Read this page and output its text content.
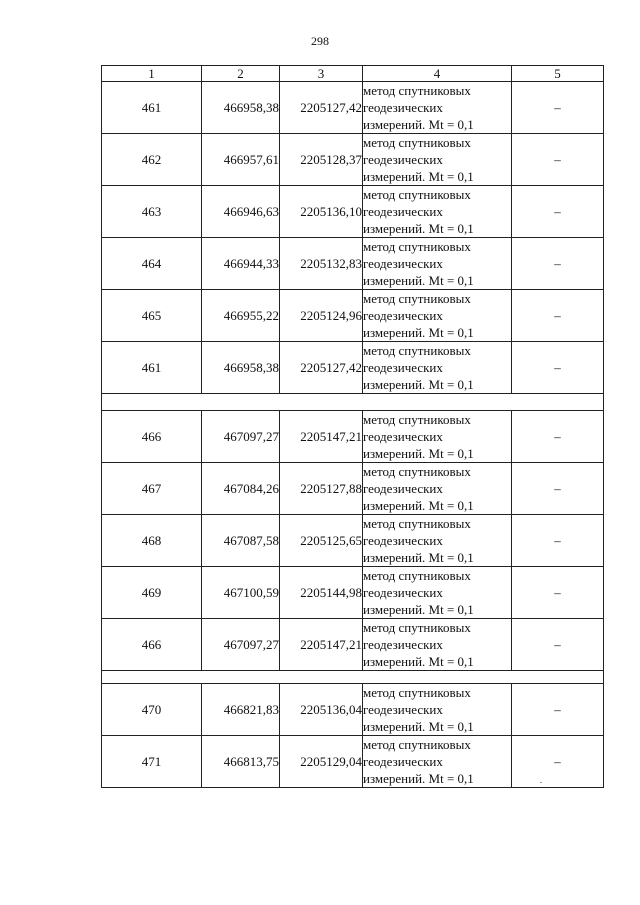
298
1	2	3	4	5
461	466958,38	2205127,42	метод спутниковых
геодезических
измерений. Mt = 0,1	–
462	466957,61	2205128,37	метод спутниковых
геодезических
измерений. Mt = 0,1	–
463	466946,63	2205136,10	метод спутниковых
геодезических
измерений. Mt = 0,1	–
464	466944,33	2205132,83	метод спутниковых
геодезических
измерений. Mt = 0,1	–
465	466955,22	2205124,96	метод спутниковых
геодезических
измерений. Mt = 0,1	–
461	466958,38	2205127,42	метод спутниковых
геодезических
измерений. Mt = 0,1	–

466	467097,27	2205147,21	метод спутниковых
геодезических
измерений. Mt = 0,1	–
467	467084,26	2205127,88	метод спутниковых
геодезических
измерений. Mt = 0,1	–
468	467087,58	2205125,65	метод спутниковых
геодезических
измерений. Mt = 0,1	–
469	467100,59	2205144,98	метод спутниковых
геодезических
измерений. Mt = 0,1	–
466	467097,27	2205147,21	метод спутниковых
геодезических
измерений. Mt = 0,1	–

470	466821,83	2205136,04	метод спутниковых
геодезических
измерений. Mt = 0,1	–
471	466813,75	2205129,04	метод спутниковых
геодезических
измерений. Mt = 0,1	–
